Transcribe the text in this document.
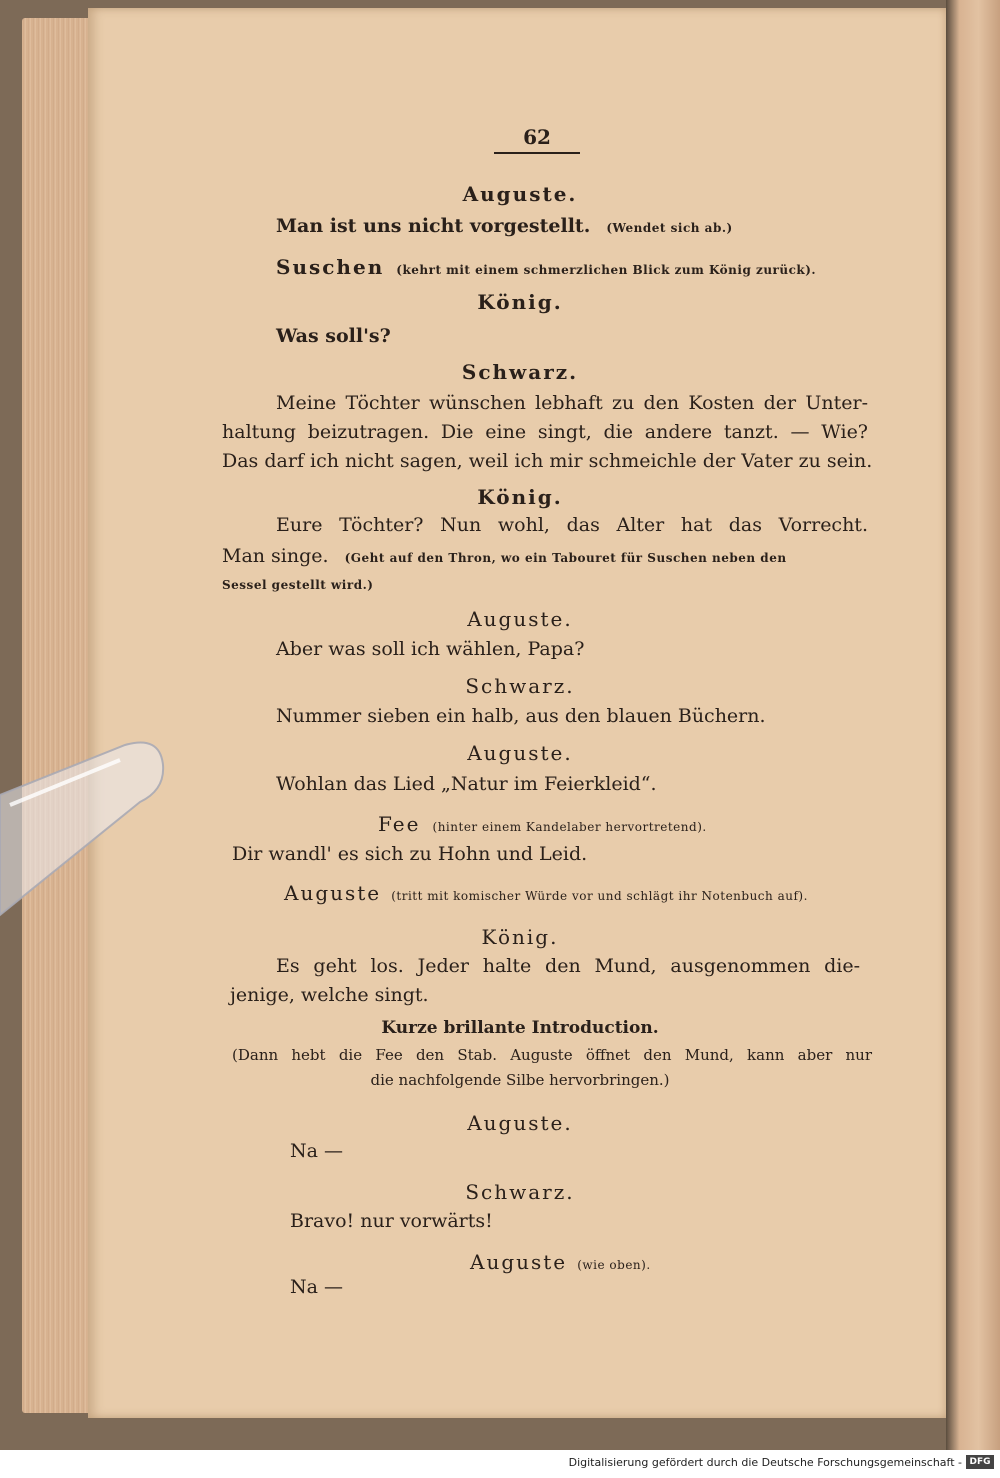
62
Auguste.
Man ist uns nicht vorgestellt. (Wendet sich ab.)
Suschen (kehrt mit einem schmerzlichen Blick zum König zurück).
König.
Was soll's?
Schwarz.
Meine Töchter wünschen lebhaft zu den Kosten der Unter-
haltung beizutragen. Die eine singt, die andere tanzt. — Wie?
Das darf ich nicht sagen, weil ich mir schmeichle der Vater zu sein.
König.
Eure Töchter? Nun wohl, das Alter hat das Vorrecht.
Man singe. (Geht auf den Thron, wo ein Tabouret für Suschen neben den
Sessel gestellt wird.)
Auguste.
Aber was soll ich wählen, Papa?
Schwarz.
Nummer sieben ein halb, aus den blauen Büchern.
Auguste.
Wohlan das Lied „Natur im Feierkleid“.
Fee (hinter einem Kandelaber hervortretend).
Dir wandl' es sich zu Hohn und Leid.
Auguste (tritt mit komischer Würde vor und schlägt ihr Notenbuch auf).
König.
Es geht los. Jeder halte den Mund, ausgenommen die-
jenige, welche singt.
Kurze brillante Introduction.
(Dann hebt die Fee den Stab. Auguste öffnet den Mund, kann aber nur
die nachfolgende Silbe hervorbringen.)
Auguste.
Na —
Schwarz.
Bravo! nur vorwärts!
Auguste (wie oben).
Na —
Digitalisierung gefördert durch die Deutsche Forschungsgemeinschaft - DFG
